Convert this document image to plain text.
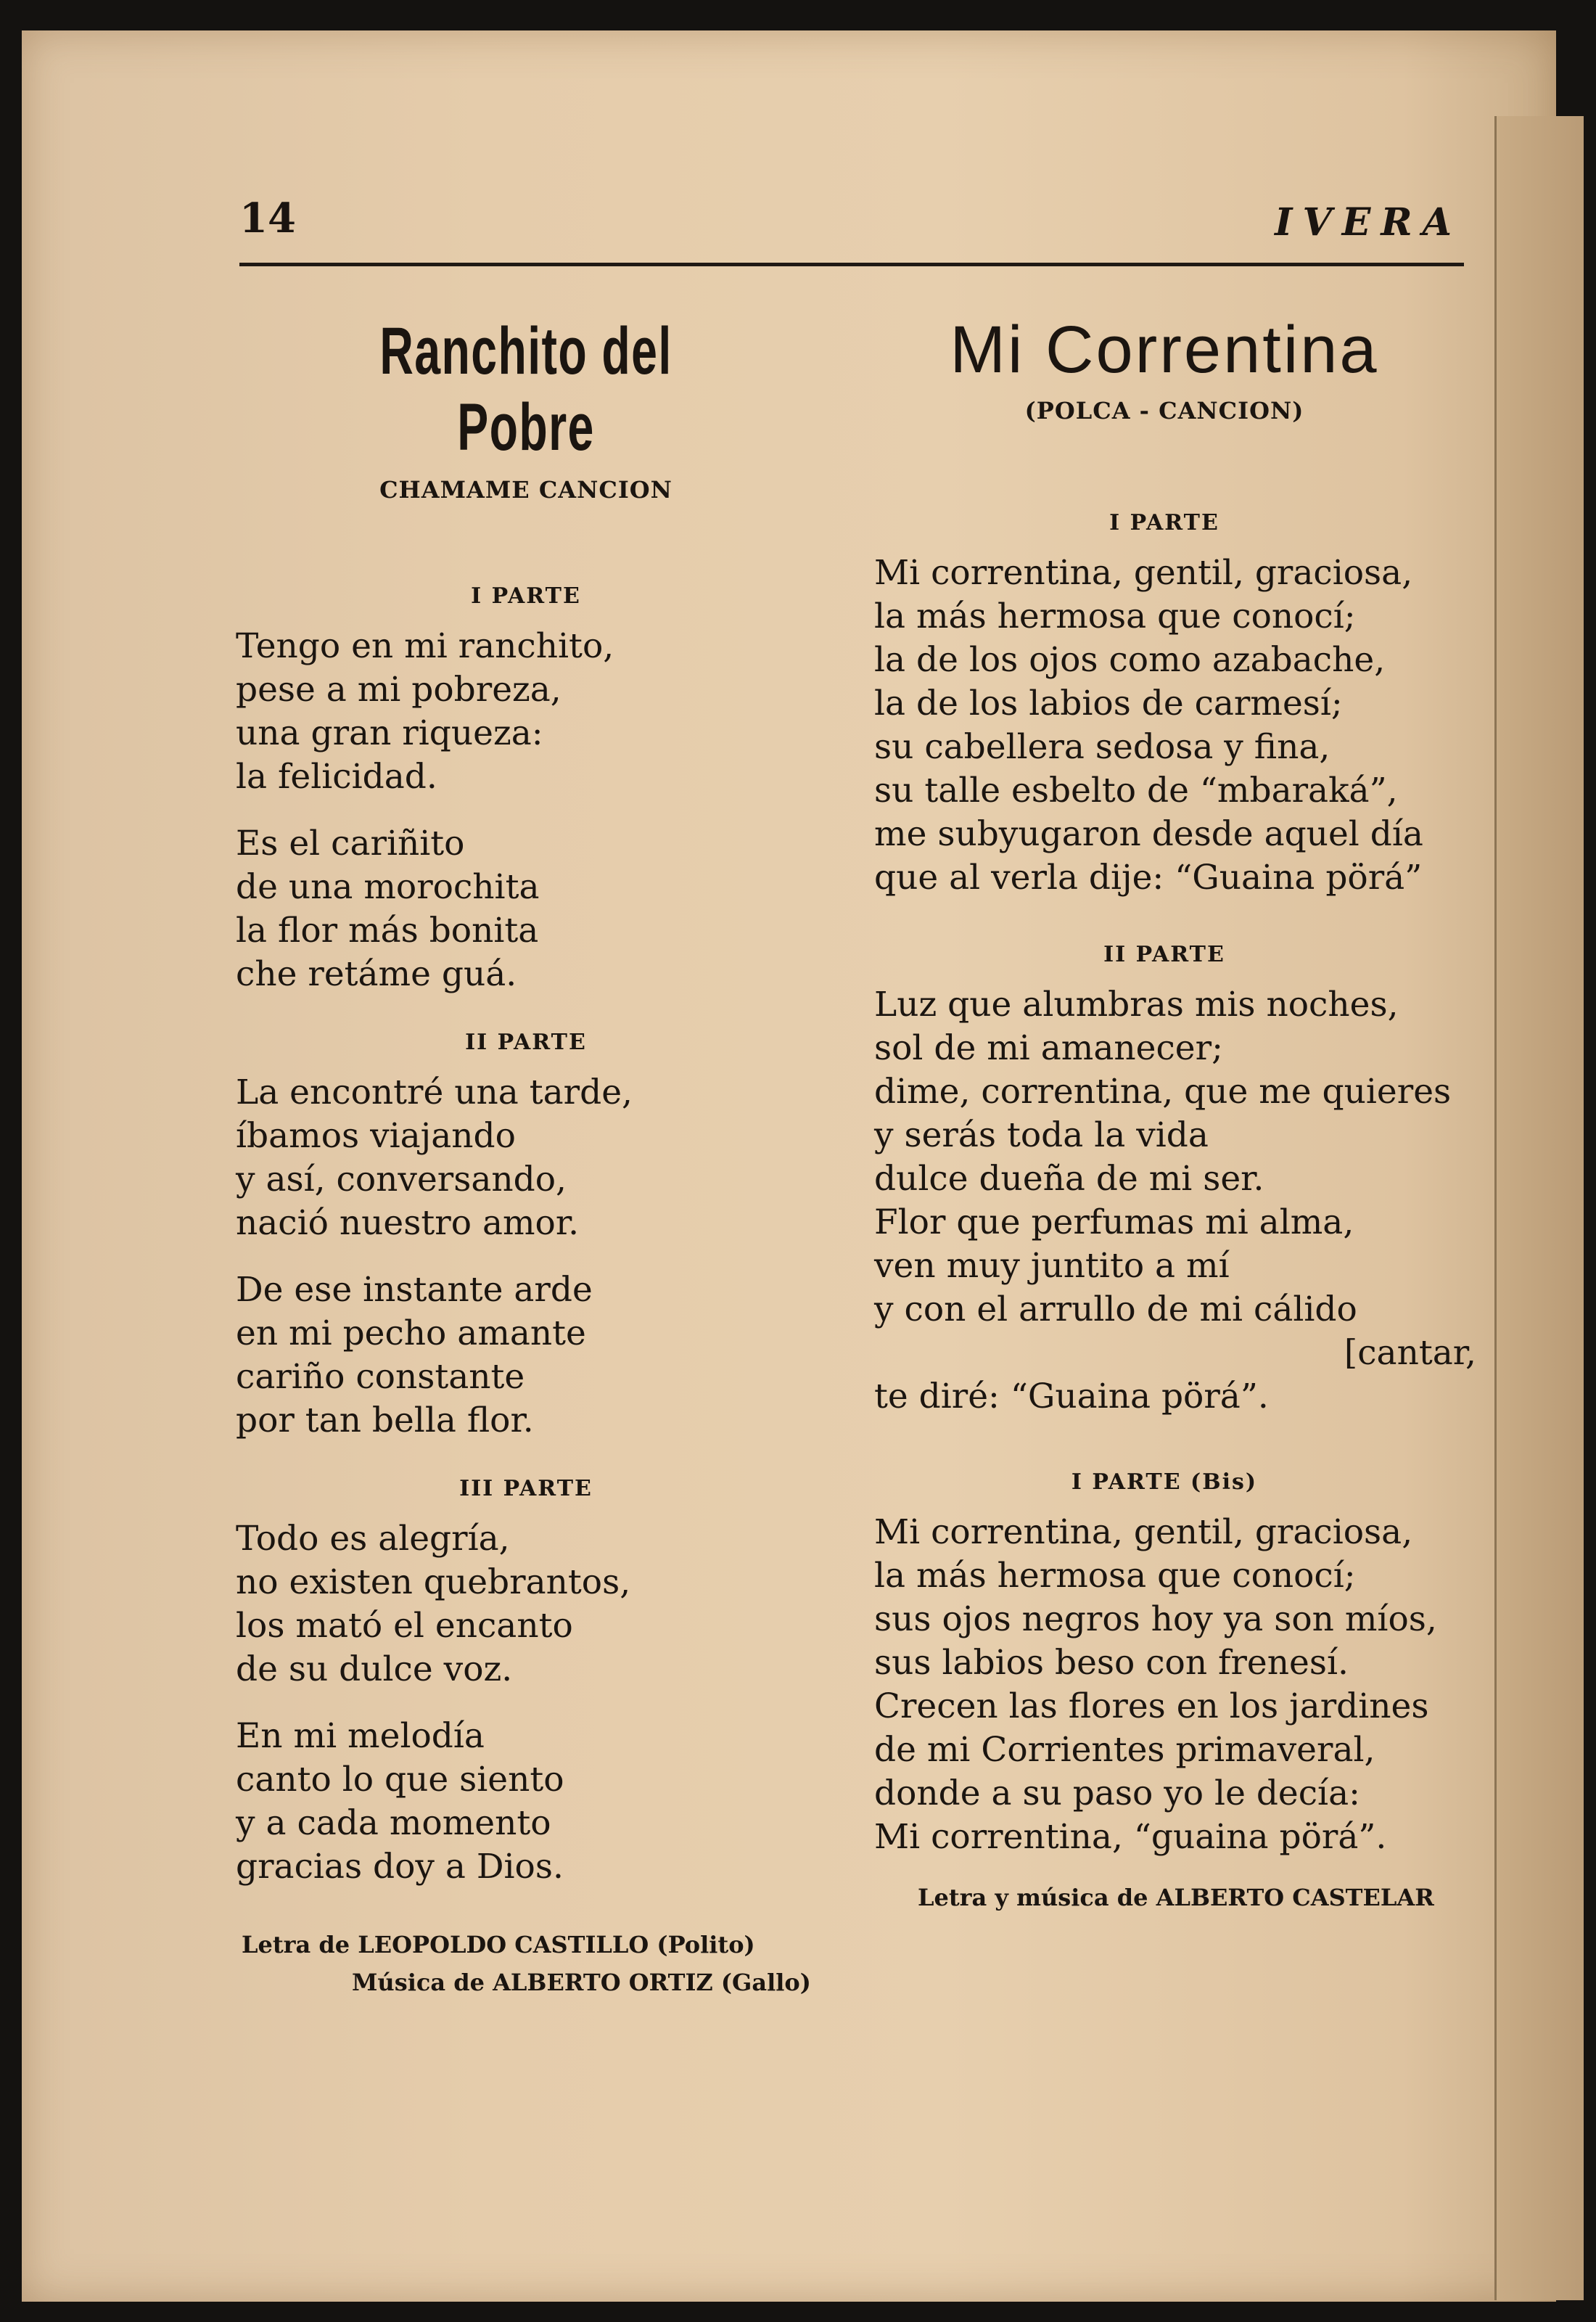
14	IVERA
Ranchito del Pobre
CHAMAME CANCION
I PARTE
Tengo en mi ranchito,
pese a mi pobreza,
una gran riqueza:
la felicidad.
Es el cariñito
de una morochita
la flor más bonita
che retáme guá.
II PARTE
La encontré una tarde,
íbamos viajando
y así, conversando,
nació nuestro amor.
De ese instante arde
en mi pecho amante
cariño constante
por tan bella flor.
III PARTE
Todo es alegría,
no existen quebrantos,
los mató el encanto
de su dulce voz.
En mi melodía
canto lo que siento
y a cada momento
gracias doy a Dios.
Letra de LEOPOLDO CASTILLO (Polito)
Música de ALBERTO ORTIZ (Gallo)
Mi Correntina
(POLCA - CANCION)
I PARTE
Mi correntina, gentil, graciosa,
la más hermosa que conocí;
la de los ojos como azabache,
la de los labios de carmesí;
su cabellera sedosa y fina,
su talle esbelto de “mbaraká”,
me subyugaron desde aquel día
que al verla dije: “Guaina pörá”
II PARTE
Luz que alumbras mis noches,
sol de mi amanecer;
dime, correntina, que me quieres
y serás toda la vida
dulce dueña de mi ser.
Flor que perfumas mi alma,
ven muy juntito a mí
y con el arrullo de mi cálido
[cantar,
te diré: “Guaina pörá”.
I PARTE (Bis)
Mi correntina, gentil, graciosa,
la más hermosa que conocí;
sus ojos negros hoy ya son míos,
sus labios beso con frenesí.
Crecen las flores en los jardines
de mi Corrientes primaveral,
donde a su paso yo le decía:
Mi correntina, “guaina pörá”.
Letra y música de ALBERTO CASTELAR
